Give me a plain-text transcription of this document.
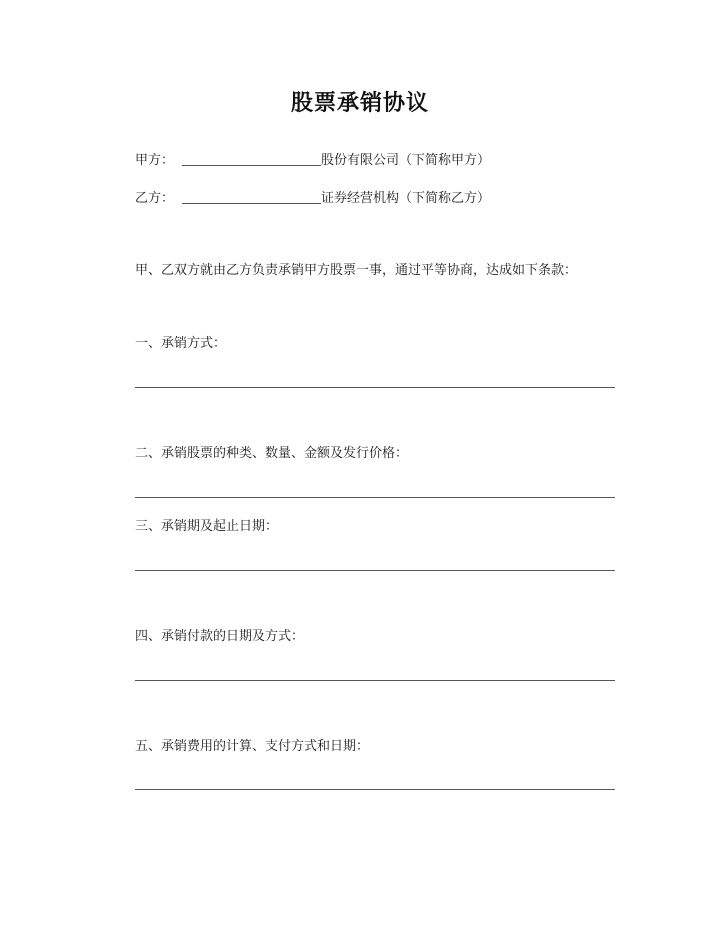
股票承销协议
甲方：	股份有限公司（下简称甲方）
乙方：	证券经营机构（下简称乙方）
甲、乙双方就由乙方负责承销甲方股票一事，通过平等协商，达成如下条款：
一、承销方式：
二、承销股票的种类、数量、金额及发行价格：
三、承销期及起止日期：
四、承销付款的日期及方式：
五、承销费用的计算、支付方式和日期：
